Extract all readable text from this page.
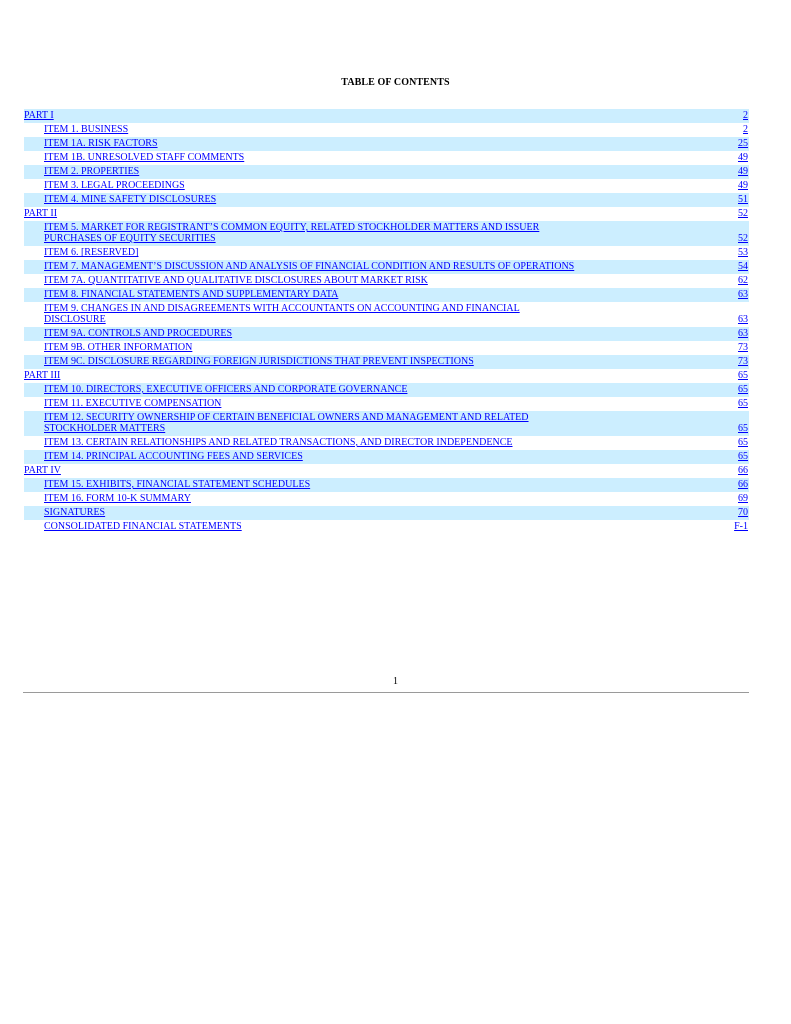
TABLE OF CONTENTS
PART I	2
ITEM 1. BUSINESS	2
ITEM 1A. RISK FACTORS	25
ITEM 1B. UNRESOLVED STAFF COMMENTS	49
ITEM 2. PROPERTIES	49
ITEM 3. LEGAL PROCEEDINGS	49
ITEM 4. MINE SAFETY DISCLOSURES	51
PART II	52
ITEM 5. MARKET FOR REGISTRANT’S COMMON EQUITY, RELATED STOCKHOLDER MATTERS AND ISSUER PURCHASES OF EQUITY SECURITIES	52
ITEM 6. [RESERVED]	53
ITEM 7. MANAGEMENT’S DISCUSSION AND ANALYSIS OF FINANCIAL CONDITION AND RESULTS OF OPERATIONS	54
ITEM 7A. QUANTITATIVE AND QUALITATIVE DISCLOSURES ABOUT MARKET RISK	62
ITEM 8. FINANCIAL STATEMENTS AND SUPPLEMENTARY DATA	63
ITEM 9. CHANGES IN AND DISAGREEMENTS WITH ACCOUNTANTS ON ACCOUNTING AND FINANCIAL DISCLOSURE	63
ITEM 9A. CONTROLS AND PROCEDURES	63
ITEM 9B. OTHER INFORMATION	73
ITEM 9C. DISCLOSURE REGARDING FOREIGN JURISDICTIONS THAT PREVENT INSPECTIONS	73
PART III	65
ITEM 10. DIRECTORS, EXECUTIVE OFFICERS AND CORPORATE GOVERNANCE	65
ITEM 11. EXECUTIVE COMPENSATION	65
ITEM 12. SECURITY OWNERSHIP OF CERTAIN BENEFICIAL OWNERS AND MANAGEMENT AND RELATED STOCKHOLDER MATTERS	65
ITEM 13. CERTAIN RELATIONSHIPS AND RELATED TRANSACTIONS, AND DIRECTOR INDEPENDENCE	65
ITEM 14. PRINCIPAL ACCOUNTING FEES AND SERVICES	65
PART IV	66
ITEM 15. EXHIBITS, FINANCIAL STATEMENT SCHEDULES	66
ITEM 16. FORM 10-K SUMMARY	69
SIGNATURES	70
CONSOLIDATED FINANCIAL STATEMENTS	F-1
1
